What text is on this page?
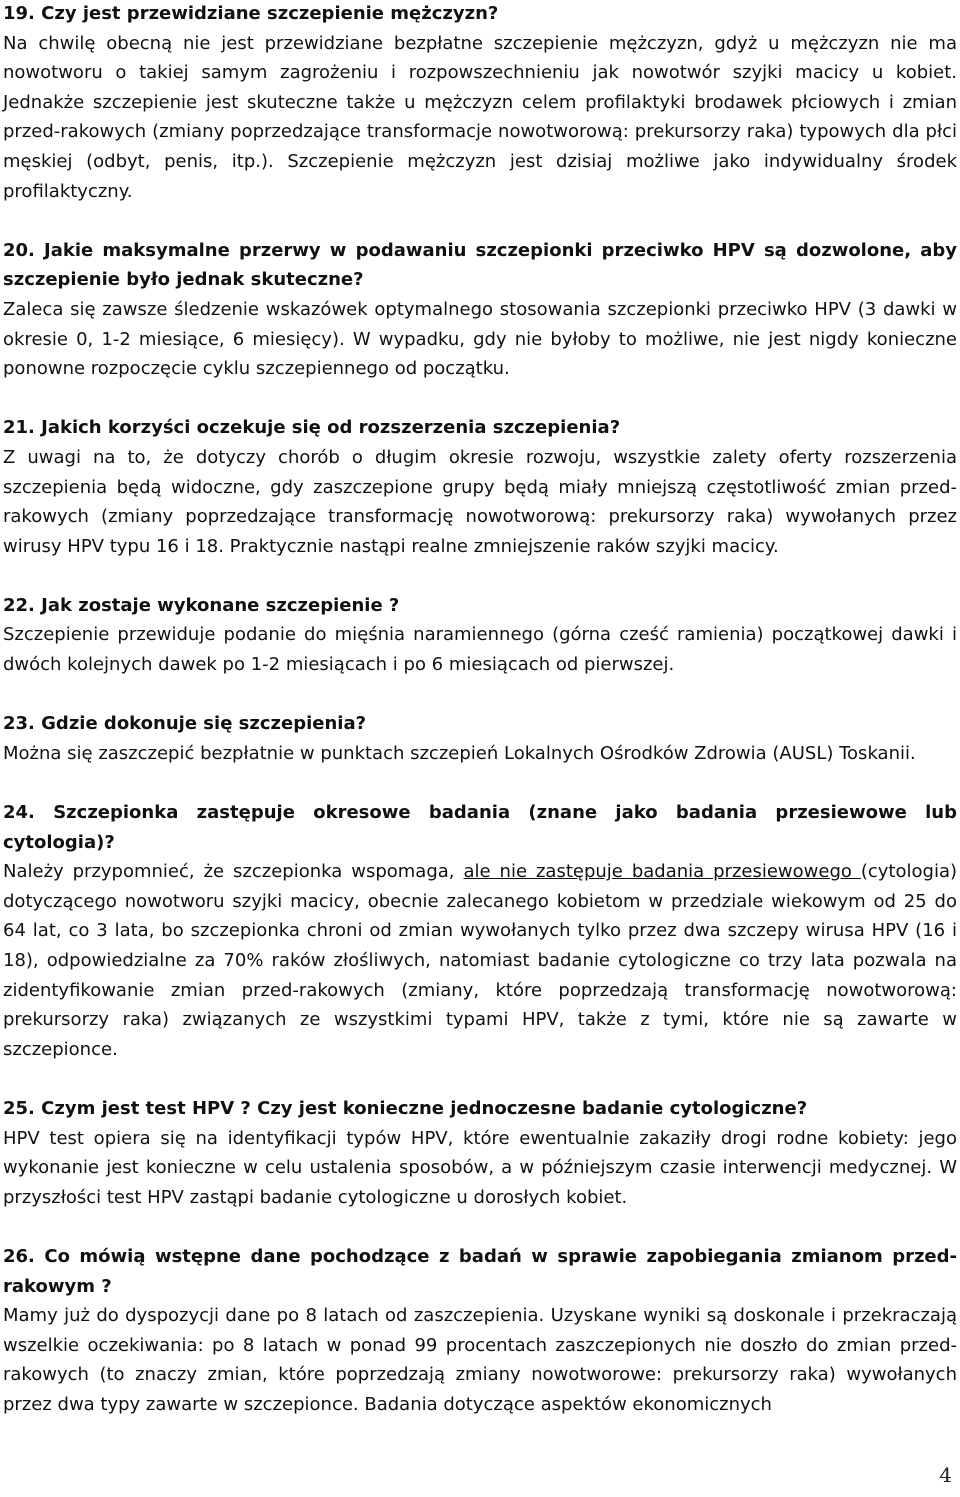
19. Czy jest przewidziane szczepienie mężczyzn?

Na chwilę obecną nie jest przewidziane bezpłatne szczepienie mężczyzn, gdyż u mężczyzn nie ma nowotworu o takiej samym zagrożeniu i rozpowszechnieniu jak nowotwór szyjki macicy u kobiet. Jednakże szczepienie jest skuteczne także u mężczyzn celem profilaktyki brodawek płciowych i zmian przed-rakowych (zmiany poprzedzające transformacje nowotworową: prekursorzy raka) typowych dla płci męskiej (odbyt, penis, itp.). Szczepienie mężczyzn jest dzisiaj możliwe jako indywidualny środek profilaktyczny.

20. Jakie maksymalne przerwy w podawaniu szczepionki przeciwko HPV są dozwolone, aby szczepienie było jednak skuteczne?

Zaleca się zawsze śledzenie wskazówek optymalnego stosowania szczepionki przeciwko HPV (3 dawki w okresie 0, 1-2 miesiące, 6 miesięcy). W wypadku, gdy nie byłoby to możliwe, nie jest nigdy konieczne ponowne rozpoczęcie cyklu szczepiennego od początku.

21. Jakich korzyści oczekuje się od rozszerzenia szczepienia?

Z uwagi na to, że dotyczy chorób o długim okresie rozwoju, wszystkie zalety oferty rozszerzenia szczepienia będą widoczne, gdy zaszczepione grupy będą miały mniejszą częstotliwość zmian przed-rakowych (zmiany poprzedzające transformację nowotworową: prekursorzy raka) wywołanych przez wirusy HPV typu 16 i 18. Praktycznie nastąpi realne zmniejszenie raków szyjki macicy.

22. Jak zostaje wykonane szczepienie ?

Szczepienie przewiduje podanie do mięśnia naramiennego (górna cześć ramienia) początkowej dawki i dwóch kolejnych dawek po 1-2 miesiącach i po 6 miesiącach od pierwszej.

23. Gdzie dokonuje się szczepienia?

Można się zaszczepić bezpłatnie w punktach szczepień Lokalnych Ośrodków Zdrowia (AUSL) Toskanii.

24. Szczepionka zastępuje okresowe badania (znane jako badania przesiewowe lub cytologia)?

Należy przypomnieć, że szczepionka wspomaga, ale nie zastępuje badania przesiewowego (cytologia) dotyczącego nowotworu szyjki macicy, obecnie zalecanego kobietom w przedziale wiekowym od 25 do 64 lat, co 3 lata, bo szczepionka chroni od zmian wywołanych tylko przez dwa szczepy wirusa HPV (16 i 18), odpowiedzialne za 70% raków złośliwych, natomiast badanie cytologiczne co trzy lata pozwala na zidentyfikowanie zmian przed-rakowych (zmiany, które poprzedzają transformację nowotworową: prekursorzy raka) związanych ze wszystkimi typami HPV, także z tymi, które nie są zawarte w szczepionce.

25. Czym jest test HPV ? Czy jest konieczne jednoczesne badanie cytologiczne?

HPV test opiera się na identyfikacji typów HPV, które ewentualnie zakaziły drogi rodne kobiety: jego wykonanie jest konieczne w celu ustalenia sposobów, a w późniejszym czasie interwencji medycznej. W przyszłości test HPV zastąpi badanie cytologiczne u dorosłych kobiet.

26. Co mówią wstępne dane pochodzące z badań w sprawie zapobiegania zmianom przed-rakowym ?

Mamy już do dyspozycji dane po 8 latach od zaszczepienia. Uzyskane wyniki są doskonale i przekraczają wszelkie oczekiwania: po 8 latach w ponad 99 procentach zaszczepionych nie doszło do zmian przed-rakowych (to znaczy zmian, które poprzedzają zmiany nowotworowe: prekursorzy raka) wywołanych przez dwa typy zawarte w szczepionce. Badania dotyczące aspektów ekonomicznych

4
